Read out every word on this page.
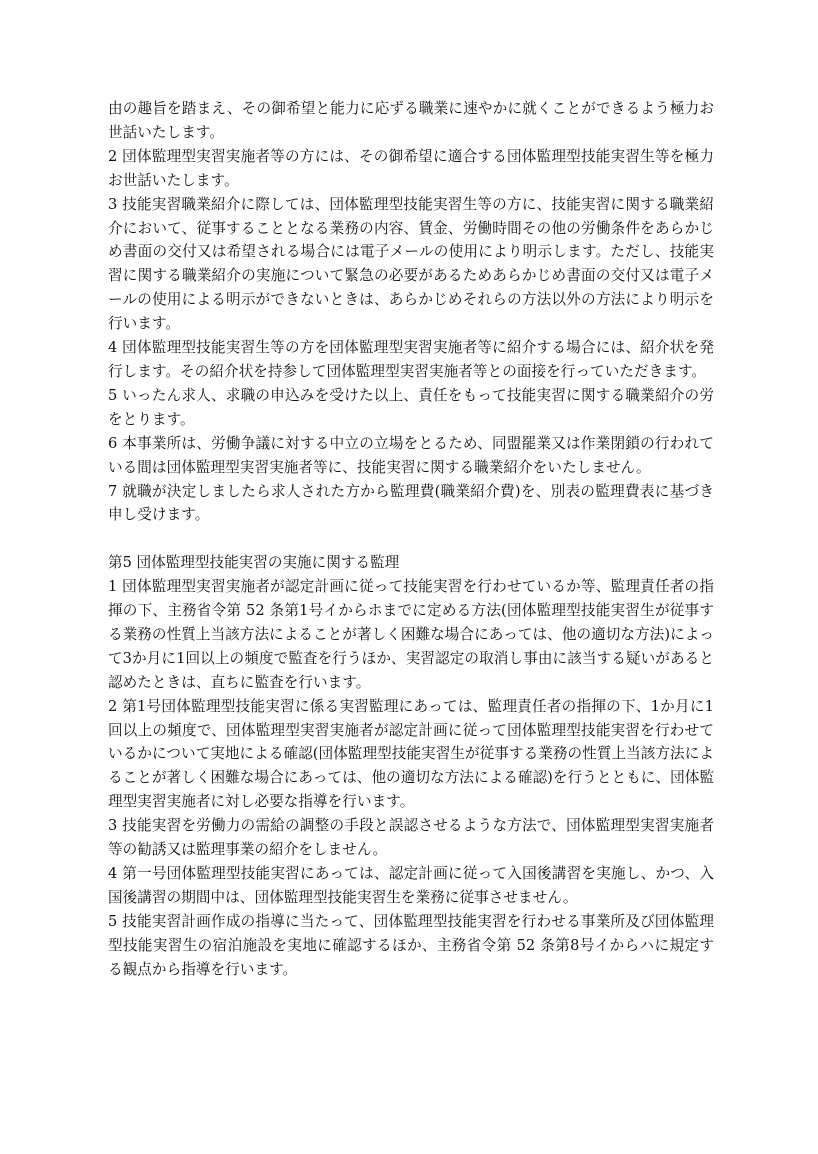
由の趣旨を踏まえ、その御希望と能力に応ずる職業に速やかに就くことができるよう極力お世話いたします。

2 団体監理型実習実施者等の方には、その御希望に適合する団体監理型技能実習生等を極力お世話いたします。

3 技能実習職業紹介に際しては、団体監理型技能実習生等の方に、技能実習に関する職業紹介において、従事することとなる業務の内容、賃金、労働時間その他の労働条件をあらかじめ書面の交付又は希望される場合には電子メールの使用により明示します。ただし、技能実習に関する職業紹介の実施について緊急の必要があるためあらかじめ書面の交付又は電子メールの使用による明示ができないときは、あらかじめそれらの方法以外の方法により明示を行います。

4 団体監理型技能実習生等の方を団体監理型実習実施者等に紹介する場合には、紹介状を発行します。その紹介状を持参して団体監理型実習実施者等との面接を行っていただきます。

5 いったん求人、求職の申込みを受けた以上、責任をもって技能実習に関する職業紹介の労をとります。

6 本事業所は、労働争議に対する中立の立場をとるため、同盟罷業又は作業閉鎖の行われている間は団体監理型実習実施者等に、技能実習に関する職業紹介をいたしません。

7 就職が決定しましたら求人された方から監理費(職業紹介費)を、別表の監理費表に基づき申し受けます。

第5 団体監理型技能実習の実施に関する監理

1 団体監理型実習実施者が認定計画に従って技能実習を行わせているか等、監理責任者の指揮の下、主務省令第 52 条第1号イからホまでに定める方法(団体監理型技能実習生が従事する業務の性質上当該方法によることが著しく困難な場合にあっては、他の適切な方法)によって3か月に1回以上の頻度で監査を行うほか、実習認定の取消し事由に該当する疑いがあると認めたときは、直ちに監査を行います。

2 第1号団体監理型技能実習に係る実習監理にあっては、監理責任者の指揮の下、1か月に1回以上の頻度で、団体監理型実習実施者が認定計画に従って団体監理型技能実習を行わせているかについて実地による確認(団体監理型技能実習生が従事する業務の性質上当該方法によることが著しく困難な場合にあっては、他の適切な方法による確認)を行うとともに、団体監理型実習実施者に対し必要な指導を行います。

3 技能実習を労働力の需給の調整の手段と誤認させるような方法で、団体監理型実習実施者等の勧誘又は監理事業の紹介をしません。

4 第一号団体監理型技能実習にあっては、認定計画に従って入国後講習を実施し、かつ、入国後講習の期間中は、団体監理型技能実習生を業務に従事させません。

5 技能実習計画作成の指導に当たって、団体監理型技能実習を行わせる事業所及び団体監理型技能実習生の宿泊施設を実地に確認するほか、主務省令第 52 条第8号イからハに規定する観点から指導を行います。
